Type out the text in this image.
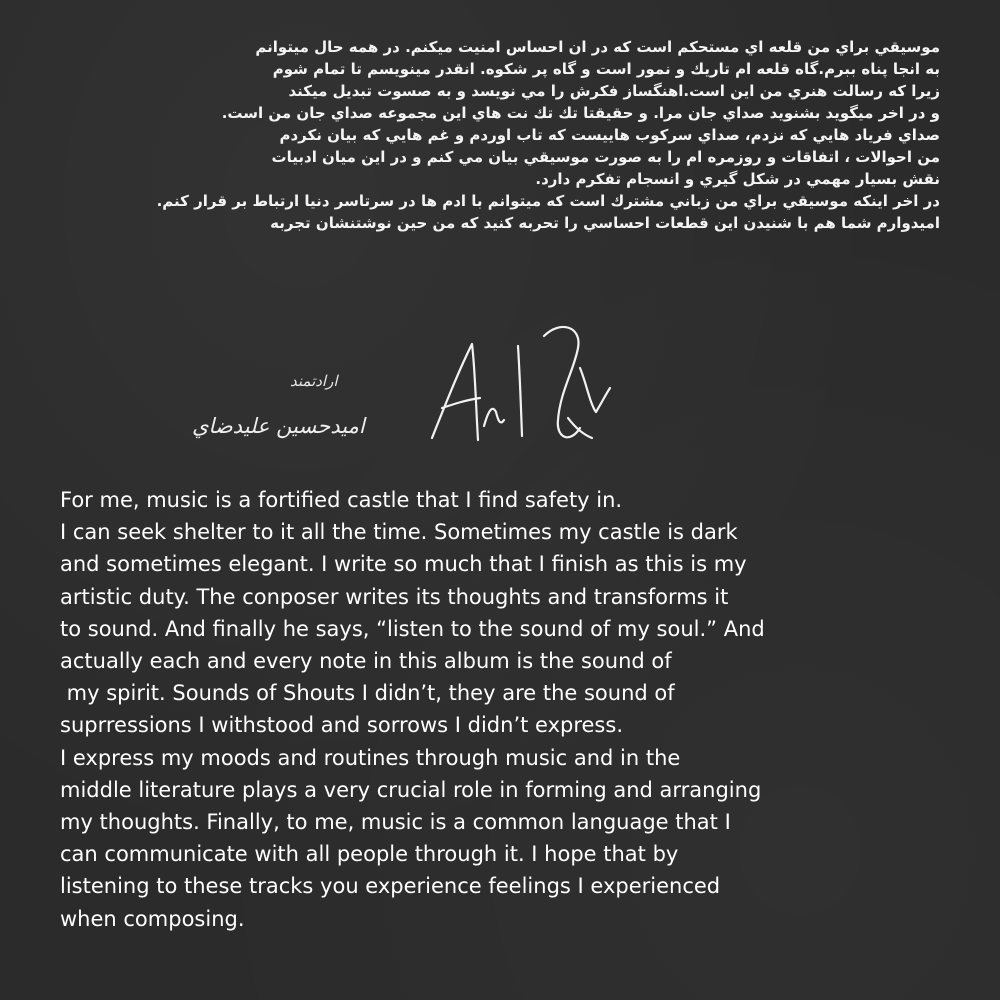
موسيقي براي من قلعه اي مستحكم است كه در ان احساس امنيت ميكنم. در همه حال ميتوانم
به انجا پناه ببرم.گاه قلعه ام تاريك و نمور است و گاه پر شكوه. انقدر مينويسم تا تمام شوم
زيرا كه رسالت هنري من اين است.اهنگساز فكرش را مي نويسد و به صسوت تبديل ميكند
و در اخر ميگويد بشنويد صداي جان مرا. و حقيقتا تك تك نت هاي اين مجموعه صداي جان من است.
صداي فرياد هايي كه نزدم، صداي سركوب هاييست كه تاب اوردم و غم هايي كه بيان نكردم
من احوالات ، اتفاقات و روزمره ام را به صورت موسيقي بيان مي كنم و در اين ميان ادبيات
نقش بسيار مهمي در شكل گيري و انسجام تفكرم دارد.
در اخر اينكه موسيقي براي من زباني مشترك است كه ميتوانم با ادم ها در سرتاسر دنيا ارتباط بر قرار كنم.
اميدوارم شما هم با شنيدن اين قطعات احساسي را تحربه كنيد كه من حين نوشتنشان تجربه
ارادتمند
اميدحسين عليدضاي
For me, music is a fortified castle that I find safety in.
I can seek shelter to it all the time. Sometimes my castle is dark
and sometimes elegant. I write so much that I finish as this is my
artistic duty. The conposer writes its thoughts and transforms it
to sound. And finally he says, “listen to the sound of my soul.” And
actually each and every note in this album is the sound of
my spirit. Sounds of Shouts I didn’t, they are the sound of
suprressions I withstood and sorrows I didn’t express.
I express my moods and routines through music and in the
middle literature plays a very crucial role in forming and arranging
my thoughts. Finally, to me, music is a common language that I
can communicate with all people through it. I hope that by
listening to these tracks you experience feelings I experienced
when composing.
